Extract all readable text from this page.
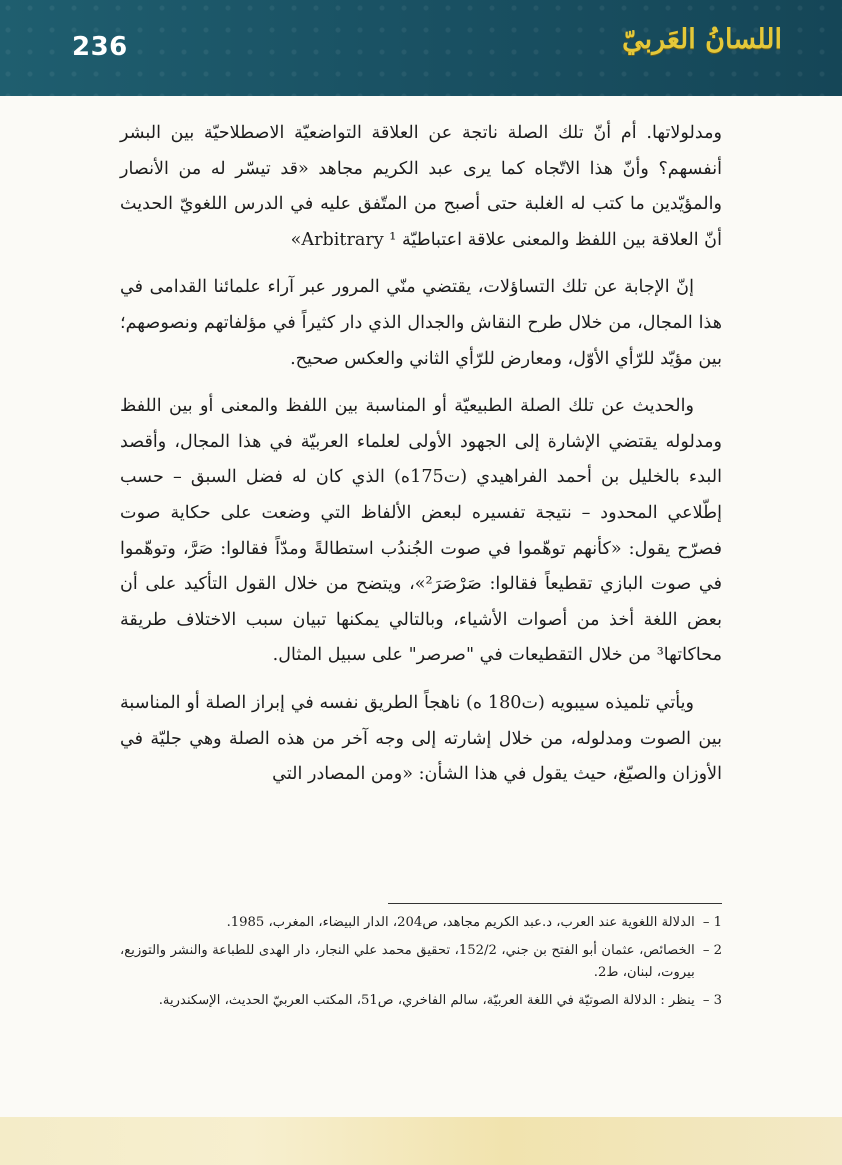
236	اللسانُ العَربيّ

ومدلولاتها. أم أنّ تلك الصلة ناتجة عن العلاقة التواضعيّة الاصطلاحيّة بين البشر أنفسهم؟ وأنّ هذا الاتّجاه كما يرى عبد الكريم مجاهد «قد تيسّر له من الأنصار والمؤيّدين ما كتب له الغلبة حتى أصبح من المتّفق عليه في الدرس اللغويّ الحديث أنّ العلاقة بين اللفظ والمعنى علاقة اعتباطيّة Arbitrary ¹»

إنّ الإجابة عن تلك التساؤلات، يقتضي منّي المرور عبر آراء علمائنا القدامى في هذا المجال، من خلال طرح النقاش والجدال الذي دار كثيراً في مؤلفاتهم ونصوصهم؛ بين مؤيّد للرّأي الأوّل، ومعارض للرّأي الثاني والعكس صحيح.

والحديث عن تلك الصلة الطبيعيّة أو المناسبة بين اللفظ والمعنى أو بين اللفظ ومدلوله يقتضي الإشارة إلى الجهود الأولى لعلماء العربيّة في هذا المجال، وأقصد البدء بالخليل بن أحمد الفراهيدي (ت175ه) الذي كان له فضل السبق – حسب إطّلاعي المحدود – نتيجة تفسيره لبعض الألفاظ التي وضعت على حكاية صوت فصرّح يقول: «كأنهم توهّموا في صوت الجُندُب استطالةً ومدّاً فقالوا: صَرَّ، وتوهّموا في صوت البازي تقطيعاً فقالوا: صَرْصَرَ²»، ويتضح من خلال القول التأكيد على أن بعض اللغة أخذ من أصوات الأشياء، وبالتالي يمكنها تبيان سبب الاختلاف طريقة محاكاتها³ من خلال التقطيعات في "صرصر" على سبيل المثال.

ويأتي تلميذه سيبويه (ت180 ه) ناهجاً الطريق نفسه في إبراز الصلة أو المناسبة بين الصوت ومدلوله، من خلال إشارته إلى وجه آخر من هذه الصلة وهي جليّة في الأوزان والصيّغ، حيث يقول في هذا الشأن: «ومن المصادر التي

1 –
الدلالة اللغوية عند العرب، د.عبد الكريم مجاهد، ص204، الدار البيضاء، المغرب، 1985.
2 –
الخصائص، عثمان أبو الفتح بن جني، 152/2، تحقيق محمد علي النجار، دار الهدى للطباعة والنشر والتوزيع، بيروت، لبنان، ط2.
3 –
ينظر : الدلالة الصوتيّة في اللغة العربيّة، سالم الفاخري، ص51، المكتب العربيّ الحديث، الإسكندرية.
